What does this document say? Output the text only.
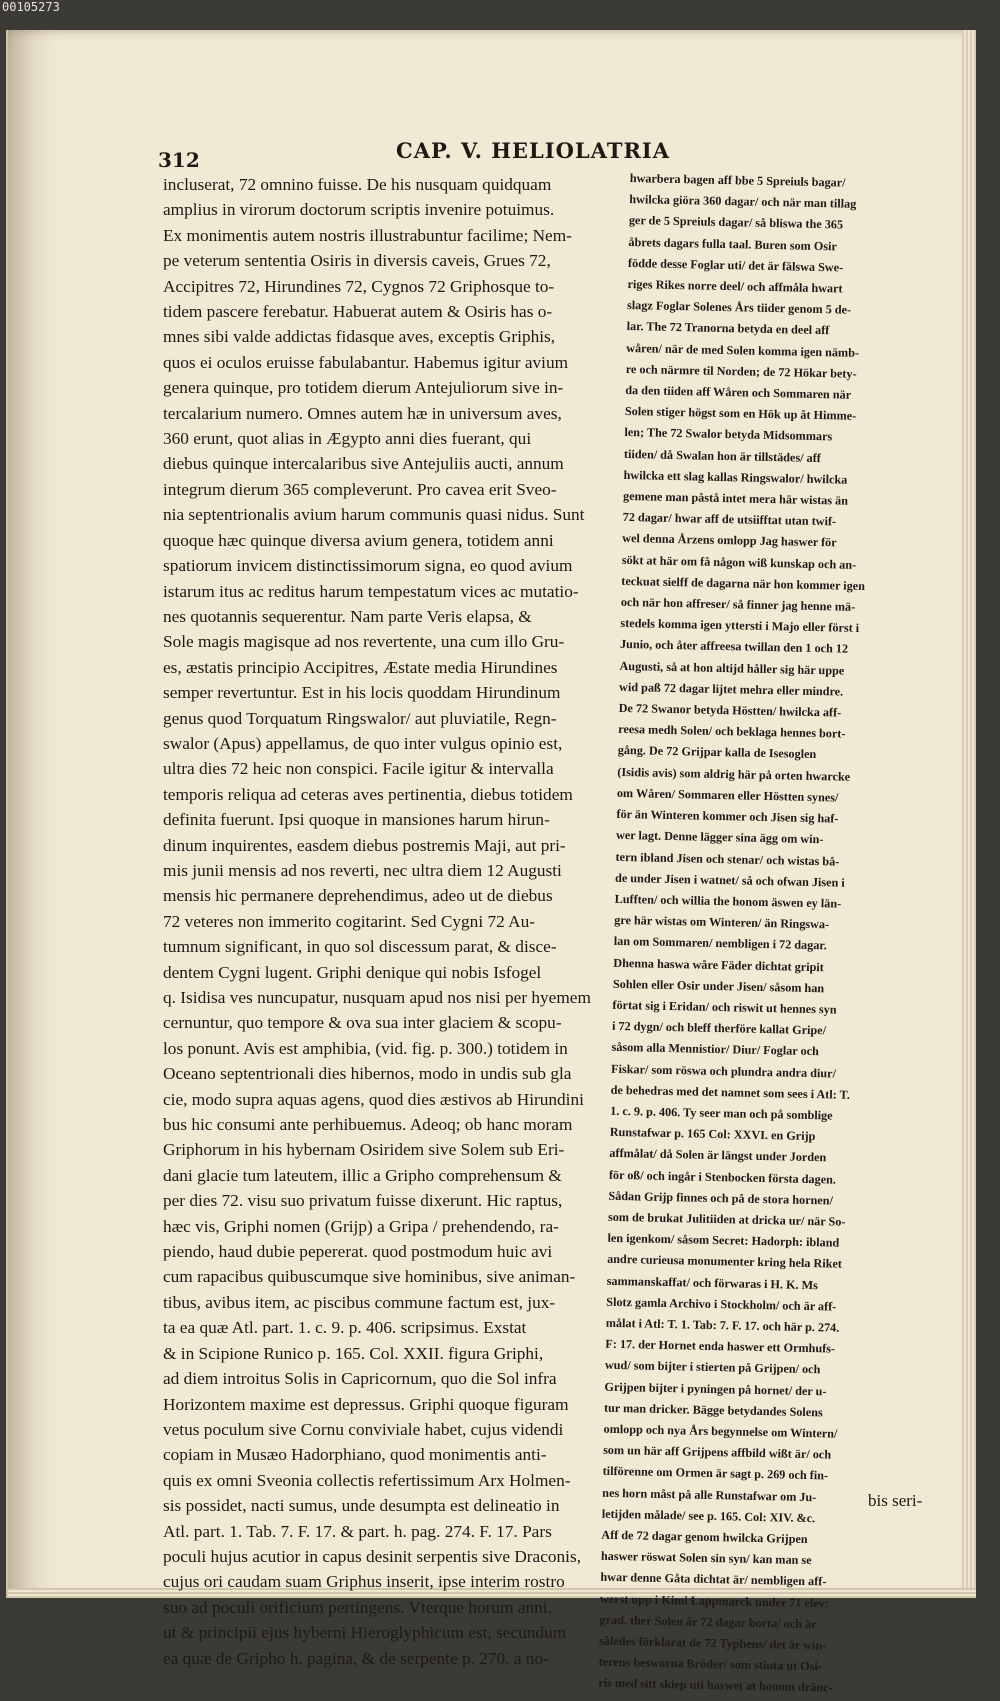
00105273
312	CAP. V. HELIOLATRIA
incluserat, 72 omnino fuisse. De his nusquam quidquam
amplius in virorum doctorum scriptis invenire potuimus.
Ex monimentis autem nostris illustrabuntur facilime; Nem-
pe veterum sententia Osiris in diversis caveis, Grues 72,
Accipitres 72, Hirundines 72, Cygnos 72 Griphosque to-
tidem pascere ferebatur. Habuerat autem & Osiris has o-
mnes sibi valde addictas fidasque aves, exceptis Griphis,
quos ei oculos eruisse fabulabantur. Habemus igitur avium
genera quinque, pro totidem dierum Antejuliorum sive in-
tercalarium numero. Omnes autem hæ in universum aves,
360 erunt, quot alias in Ægypto anni dies fuerant, qui
diebus quinque intercalaribus sive Antejuliis aucti, annum
integrum dierum 365 compleverunt. Pro cavea erit Sveo-
nia septentrionalis avium harum communis quasi nidus. Sunt
quoque hæc quinque diversa avium genera, totidem anni
spatiorum invicem distinctissimorum signa, eo quod avium
istarum itus ac reditus harum tempestatum vices ac mutatio-
nes quotannis sequerentur. Nam parte Veris elapsa, &
Sole magis magisque ad nos revertente, una cum illo Gru-
es, æstatis principio Accipitres, Æstate media Hirundines
semper revertuntur. Est in his locis quoddam Hirundinum
genus quod Torquatum Ringswalor/ aut pluviatile, Regn-
swalor (Apus) appellamus, de quo inter vulgus opinio est,
ultra dies 72 heic non conspici. Facile igitur & intervalla
temporis reliqua ad ceteras aves pertinentia, diebus totidem
definita fuerunt. Ipsi quoque in mansiones harum hirun-
dinum inquirentes, easdem diebus postremis Maji, aut pri-
mis junii mensis ad nos reverti, nec ultra diem 12 Augusti
mensis hic permanere deprehendimus, adeo ut de diebus
72 veteres non immerito cogitarint. Sed Cygni 72 Au-
tumnum significant, in quo sol discessum parat, & disce-
dentem Cygni lugent. Griphi denique qui nobis Isfogel
q. Isidisa ves nuncupatur, nusquam apud nos nisi per hyemem
cernuntur, quo tempore & ova sua inter glaciem & scopu-
los ponunt. Avis est amphibia, (vid. fig. p. 300.) totidem in
Oceano septentrionali dies hibernos, modo in undis sub gla
cie, modo supra aquas agens, quod dies æstivos ab Hirundini
bus hic consumi ante perhibuemus. Adeoq; ob hanc moram
Griphorum in his hybernam Osiridem sive Solem sub Eri-
dani glacie tum lateutem, illic a Gripho comprehensum &
per dies 72. visu suo privatum fuisse dixerunt. Hic raptus,
hæc vis, Griphi nomen (Grijp) a Gripa / prehendendo, ra-
piendo, haud dubie pepererat. quod postmodum huic avi
cum rapacibus quibuscumque sive hominibus, sive animan-
tibus, avibus item, ac piscibus commune factum est, jux-
ta ea quæ Atl. part. 1. c. 9. p. 406. scripsimus. Exstat
& in Scipione Runico p. 165. Col. XXII. figura Griphi,
ad diem introitus Solis in Capricornum, quo die Sol infra
Horizontem maxime est depressus. Griphi quoque figuram
vetus poculum sive Cornu conviviale habet, cujus videndi
copiam in Musæo Hadorphiano, quod monimentis anti-
quis ex omni Sveonia collectis refertissimum Arx Holmen-
sis possidet, nacti sumus, unde desumpta est delineatio in
Atl. part. 1. Tab. 7. F. 17. & part. h. pag. 274. F. 17. Pars
poculi hujus acutior in capus desinit serpentis sive Draconis,
cujus ori caudam suam Griphus inserit, ipse interim rostro
suo ad poculi orificium pertingens. Vterque horum anni,
ut & principii ejus hyberni Hieroglyphicum est, secundum
ea quæ de Gripho h. pagina, & de serpente p. 270. a no-
hwarbera bagen aff bbe 5 Spreiuls bagar/
hwilcka giöra 360 dagar/ och när man tillag
ger de 5 Spreiuls dagar/ så bliswa the 365
åbrets dagars fulla taal. Buren som Osir
födde desse Foglar uti/ det är fälswa Swe-
riges Rikes norre deel/ och affmåla hwart
slagz Foglar Solenes Års tiider genom 5 de-
lar. The 72 Tranorna betyda en deel aff
wåren/ när de med Solen komma igen nämb-
re och närmre til Norden; de 72 Hökar bety-
da den tiiden aff Wåren och Sommaren när
Solen stiger högst som en Hök up åt Himme-
len; The 72 Swalor betyda Midsommars
tiiden/ då Swalan hon är tillstädes/ aff
hwilcka ett slag kallas Ringswalor/ hwilcka
gemene man påstå intet mera här wistas än
72 dagar/ hwar aff de utsiifftat utan twif-
wel denna Årzens omlopp Jag haswer för
sökt at här om få någon wiß kunskap och an-
teckuat sielff de dagarna när hon kommer igen
och när hon affreser/ så finner jag henne mä-
stedels komma igen yttersti i Majo eller först i
Junio, och åter affreesa twillan den 1 och 12
Augusti, så at hon altijd håller sig här uppe
wid paß 72 dagar lijtet mehra eller mindre.
De 72 Swanor betyda Höstten/ hwilcka aff-
reesa medh Solen/ och beklaga hennes bort-
gång. De 72 Grijpar kalla de Isesoglen
(Isidis avis) som aldrig här på orten hwarcke
om Wåren/ Sommaren eller Höstten synes/
för än Winteren kommer och Jisen sig haf-
wer lagt. Denne lägger sina ägg om win-
tern ibland Jisen och stenar/ och wistas bå-
de under Jisen i watnet/ så och ofwan Jisen i
Lufften/ och willia the honom äswen ey län-
gre här wistas om Winteren/ än Ringswa-
lan om Sommaren/ nembligen i 72 dagar.
Dhenna haswa wåre Fäder dichtat gripit
Sohlen eller Osir under Jisen/ såsom han
förtat sig i Eridan/ och riswit ut hennes syn
i 72 dygn/ och bleff therföre kallat Gripe/
såsom alla Mennistior/ Diur/ Foglar och
Fiskar/ som röswa och plundra andra diur/
de behedras med det namnet som sees i Atl: T.
1. c. 9. p. 406. Ty seer man och på somblige
Runstafwar p. 165 Col: XXVI. en Grijp
affmålat/ då Solen är längst under Jorden
för oß/ och ingår i Stenbocken första dagen.
Sådan Grijp finnes och på de stora hornen/
som de brukat Julitiiden at dricka ur/ när So-
len igenkom/ såsom Secret: Hadorph: ibland
andre curieusa monumenter kring hela Riket
sammanskaffat/ och förwaras i H. K. Ms
Slotz gamla Archivo i Stockholm/ och är aff-
målat i Atl: T. 1. Tab: 7. F. 17. och här p. 274.
F: 17. der Hornet enda haswer ett Ormhufs-
wud/ som bijter i stierten på Grijpen/ och
Grijpen bijter i pyningen på hornet/ der u-
tur man dricker. Bägge betydandes Solens
omlopp och nya Års begynnelse om Wintern/
som un här aff Grijpens affbild wißt är/ och
tilförenne om Ormen är sagt p. 269 och fin-
nes horn måst på alle Runstafwar om Ju-
letijden målade/ see p. 165. Col: XIV. &c.
Aff de 72 dagar genom hwilcka Grijpen
haswer röswat Solen sin syn/ kan man se
hwar denne Gåta dichtat är/ nembligen aff-
werst upp i Kimi Lappmarck under 71 elev:
grad. ther Solen är 72 dagar borta/ och är
således förklarat de 72 Typhens/ det är win-
terens beswornа Bröder/ som stiuta ut Osi-
ris med sitt skiep uti haswet at honom dränc-
bis seri-
